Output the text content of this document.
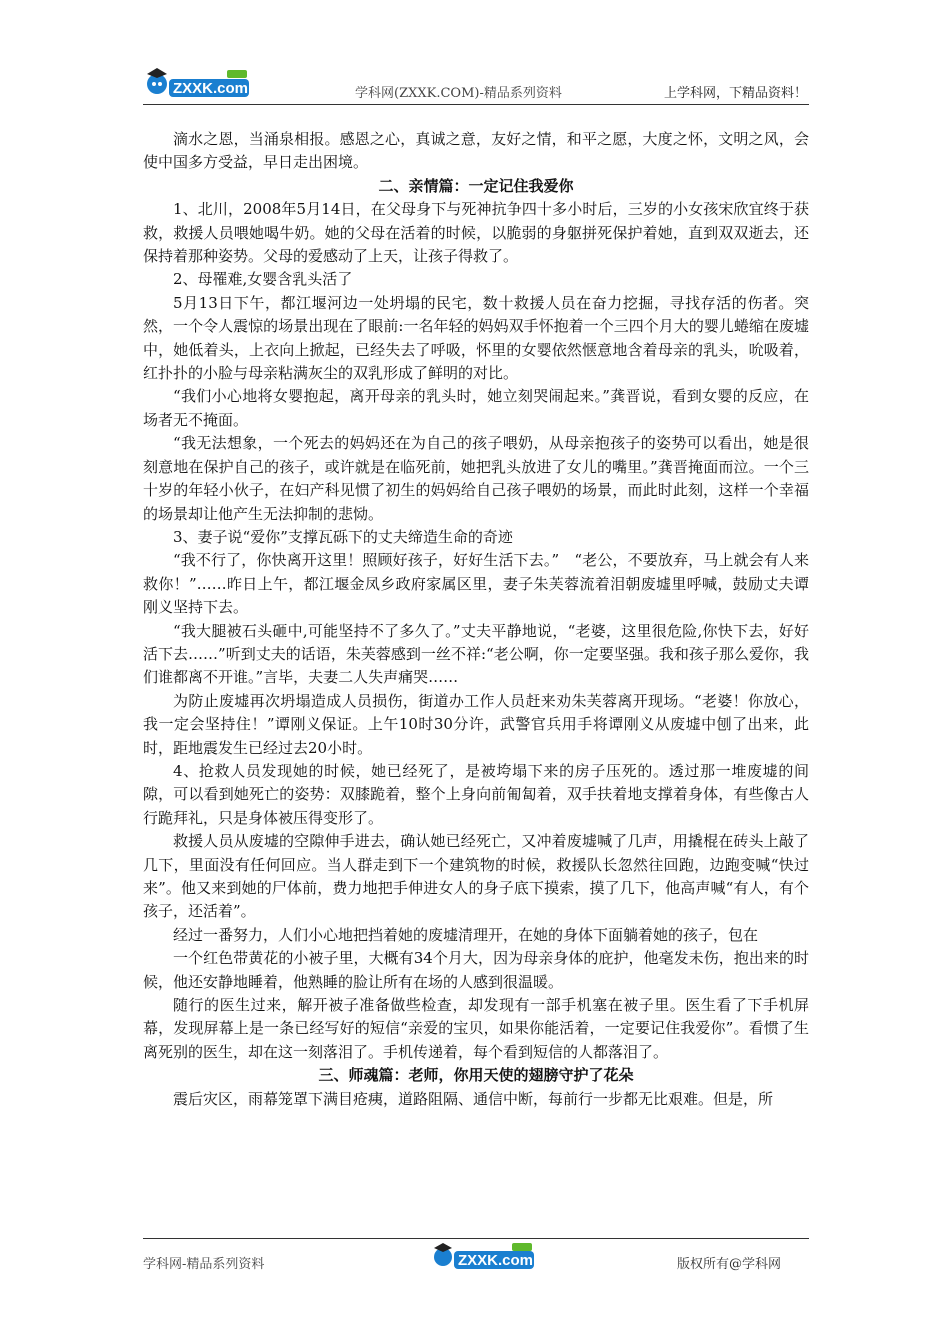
ZXXK.com	学科网(ZXXK.COM)-精品系列资料	上学科网，下精品资料！

滴水之恩，当涌泉相报。感恩之心，真诚之意，友好之情，和平之愿，大度之怀，文明之风，会使中国多方受益，早日走出困境。

二、亲情篇：一定记住我爱你

1、北川，2008年5月14日，在父母身下与死神抗争四十多小时后，三岁的小女孩宋欣宜终于获救，救援人员喂她喝牛奶。她的父母在活着的时候，以脆弱的身躯拼死保护着她，直到双双逝去，还保持着那种姿势。父母的爱感动了上天，让孩子得救了。

2、母罹难,女婴含乳头活了

5月13日下午，都江堰河边一处坍塌的民宅，数十救援人员在奋力挖掘，寻找存活的伤者。突然，一个令人震惊的场景出现在了眼前:一名年轻的妈妈双手怀抱着一个三四个月大的婴儿蜷缩在废墟中，她低着头，上衣向上掀起，已经失去了呼吸，怀里的女婴依然惬意地含着母亲的乳头，吮吸着，红扑扑的小脸与母亲粘满灰尘的双乳形成了鲜明的对比。

“我们小心地将女婴抱起，离开母亲的乳头时，她立刻哭闹起来。”龚晋说，看到女婴的反应，在场者无不掩面。

“我无法想象，一个死去的妈妈还在为自己的孩子喂奶，从母亲抱孩子的姿势可以看出，她是很刻意地在保护自己的孩子，或许就是在临死前，她把乳头放进了女儿的嘴里。”龚晋掩面而泣。一个三十岁的年轻小伙子，在妇产科见惯了初生的妈妈给自己孩子喂奶的场景，而此时此刻，这样一个幸福的场景却让他产生无法抑制的悲恸。

3、妻子说“爱你”支撑瓦砾下的丈夫缔造生命的奇迹

“我不行了，你快离开这里！照顾好孩子，好好生活下去。”　“老公，不要放弃，马上就会有人来救你！”……昨日上午，都江堰金凤乡政府家属区里，妻子朱芙蓉流着泪朝废墟里呼喊，鼓励丈夫谭刚义坚持下去。

“我大腿被石头砸中,可能坚持不了多久了。”丈夫平静地说，“老婆，这里很危险,你快下去，好好活下去……”听到丈夫的话语，朱芙蓉感到一丝不祥:“老公啊，你一定要坚强。我和孩子那么爱你，我们谁都离不开谁。”言毕，夫妻二人失声痛哭……

为防止废墟再次坍塌造成人员损伤，街道办工作人员赶来劝朱芙蓉离开现场。“老婆！你放心，我一定会坚持住！”谭刚义保证。上午10时30分许，武警官兵用手将谭刚义从废墟中刨了出来，此时，距地震发生已经过去20小时。

4、抢救人员发现她的时候，她已经死了，是被垮塌下来的房子压死的。透过那一堆废墟的间隙，可以看到她死亡的姿势：双膝跪着，整个上身向前匍匐着，双手扶着地支撑着身体，有些像古人行跪拜礼，只是身体被压得变形了。

救援人员从废墟的空隙伸手进去，确认她已经死亡，又冲着废墟喊了几声，用撬棍在砖头上敲了几下，里面没有任何回应。当人群走到下一个建筑物的时候，救援队长忽然往回跑，边跑变喊“快过来”。他又来到她的尸体前，费力地把手伸进女人的身子底下摸索，摸了几下，他高声喊“有人，有个孩子，还活着”。

经过一番努力，人们小心地把挡着她的废墟清理开，在她的身体下面躺着她的孩子，包在

一个红色带黄花的小被子里，大概有34个月大，因为母亲身体的庇护，他毫发未伤，抱出来的时候，他还安静地睡着，他熟睡的脸让所有在场的人感到很温暖。

随行的医生过来，解开被子准备做些检查，却发现有一部手机塞在被子里。医生看了下手机屏幕，发现屏幕上是一条已经写好的短信“亲爱的宝贝，如果你能活着，一定要记住我爱你”。看惯了生离死别的医生，却在这一刻落泪了。手机传递着，每个看到短信的人都落泪了。

三、师魂篇：老师，你用天使的翅膀守护了花朵

震后灾区，雨幕笼罩下满目疮痍，道路阻隔、通信中断，每前行一步都无比艰难。但是，所

学科网-精品系列资料	ZXXK.com	版权所有@学科网
